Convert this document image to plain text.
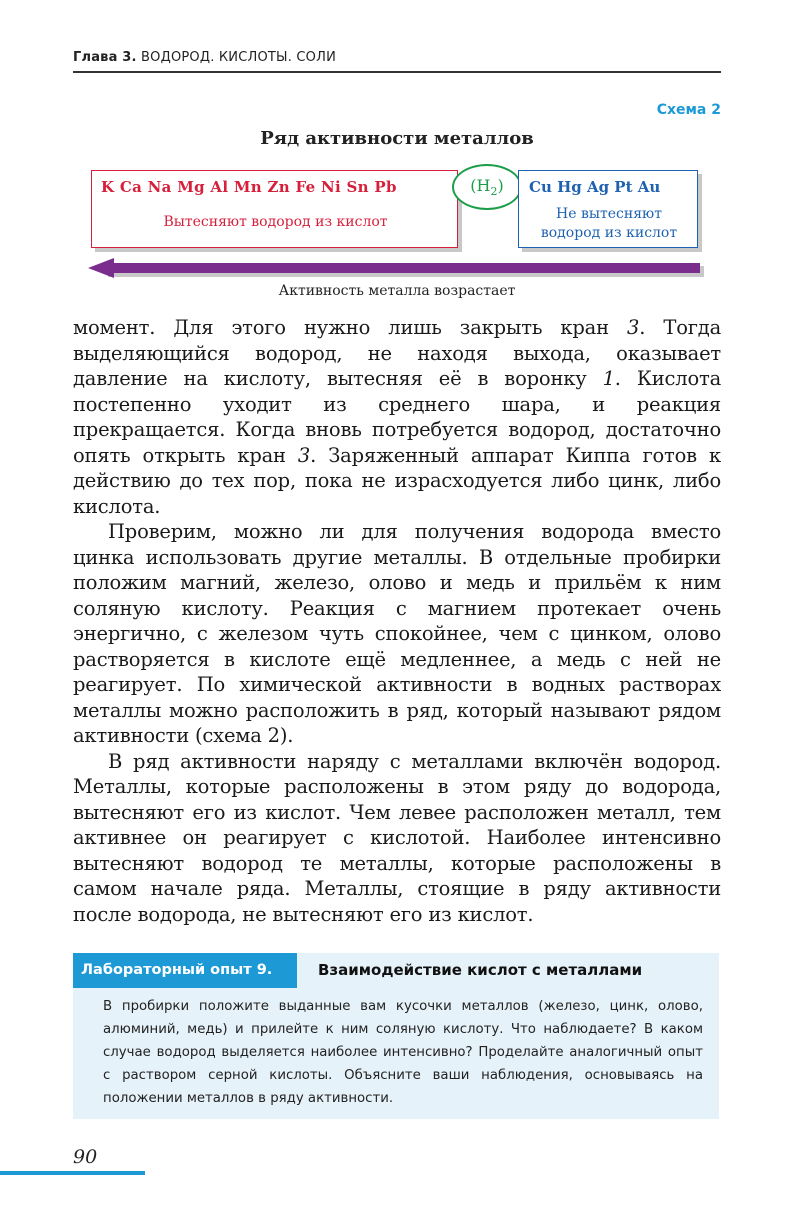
Глава 3. ВОДОРОД. КИСЛОТЫ. СОЛИ
Схема 2
Ряд активности металлов
K Ca Na Mg Al Mn Zn Fe Ni Sn Pb
Вытесняют водород из кислот
$(H_2)$	Cu Hg Ag Pt Au
Не вытесняют
водород из кислот
Активность металла возрастает

момент. Для этого нужно лишь закрыть кран 3. Тогда выделяющийся водород, не находя выхода, оказывает давление на кислоту, вытесняя её в воронку 1. Кислота постепенно уходит из среднего шара, и реакция прекращается. Когда вновь потребуется водород, достаточно опять открыть кран 3. Заряженный аппарат Киппа готов к действию до тех пор, пока не израсходуется либо цинк, либо кислота.

Проверим, можно ли для получения водорода вместо цинка использовать другие металлы. В отдельные пробирки положим магний, железо, олово и медь и прильём к ним соляную кислоту. Реакция с магнием протекает очень энергично, с железом чуть спокойнее, чем с цинком, олово растворяется в кислоте ещё медленнее, а медь с ней не реагирует. По химической активности в водных растворах металлы можно расположить в ряд, который называют рядом активности (схема 2).

В ряд активности наряду с металлами включён водород. Металлы, которые расположены в этом ряду до водорода, вытесняют его из кислот. Чем левее расположен металл, тем активнее он реагирует с кислотой. Наиболее интенсивно вытесняют водород те металлы, которые расположены в самом начале ряда. Металлы, стоящие в ряду активности после водорода, не вытесняют его из кислот.

Лабораторный опыт 9.	Взаимодействие кислот с металлами
В пробирки положите выданные вам кусочки металлов (железо, цинк, олово, алюминий, медь) и прилейте к ним соляную кислоту. Что наблюдаете? В каком случае водород выделяется наиболее интенсивно? Проделайте аналогичный опыт с раствором серной кислоты. Объясните ваши наблюдения, основываясь на положении металлов в ряду активности.
90
